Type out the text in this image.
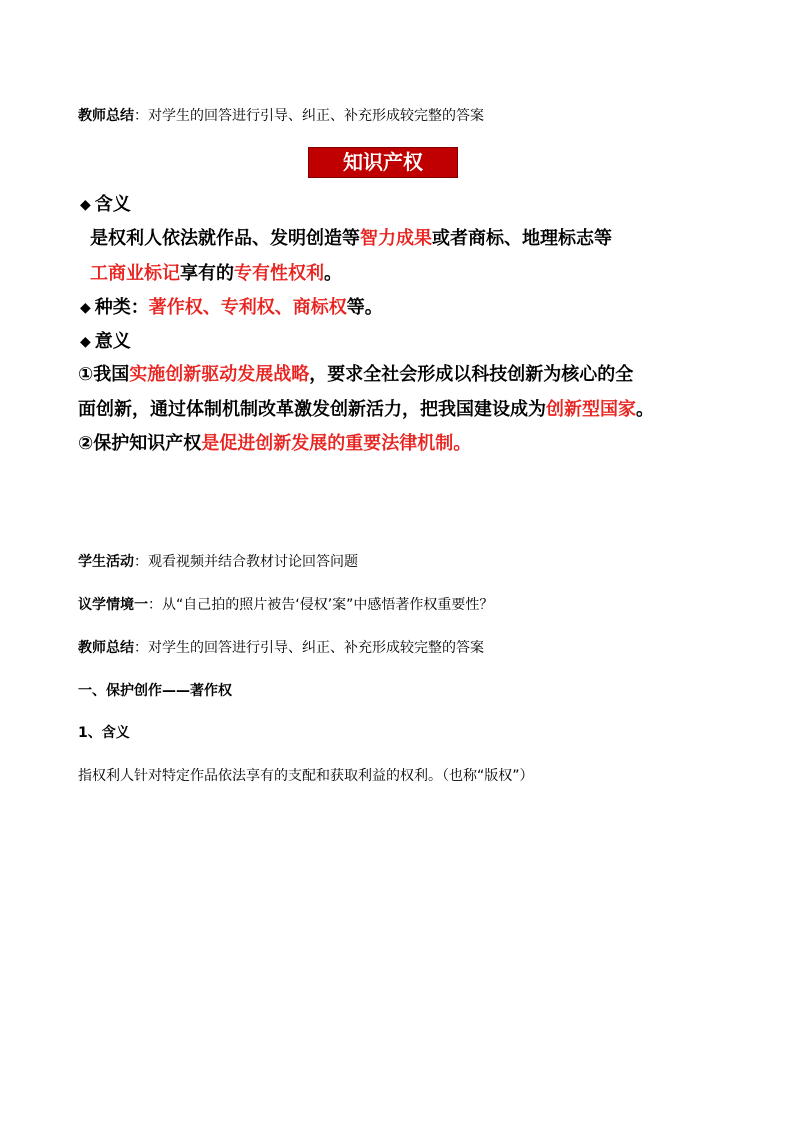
教师总结：对学生的回答进行引导、纠正、补充形成较完整的答案
知识产权
◆ 含义
是权利人依法就作品、发明创造等智力成果或者商标、地理标志等
工商业标记享有的专有性权利。
◆ 种类：著作权、专利权、商标权等。
◆ 意义
①我国实施创新驱动发展战略，要求全社会形成以科技创新为核心的全
面创新，通过体制机制改革激发创新活力，把我国建设成为创新型国家。
②保护知识产权是促进创新发展的重要法律机制。
学生活动：观看视频并结合教材讨论回答问题
议学情境一：从“自己拍的照片被告‘侵权’案”中感悟著作权重要性？
教师总结：对学生的回答进行引导、纠正、补充形成较完整的答案
一、保护创作——著作权
1、含义
指权利人针对特定作品依法享有的支配和获取利益的权利。（也称“版权”）
